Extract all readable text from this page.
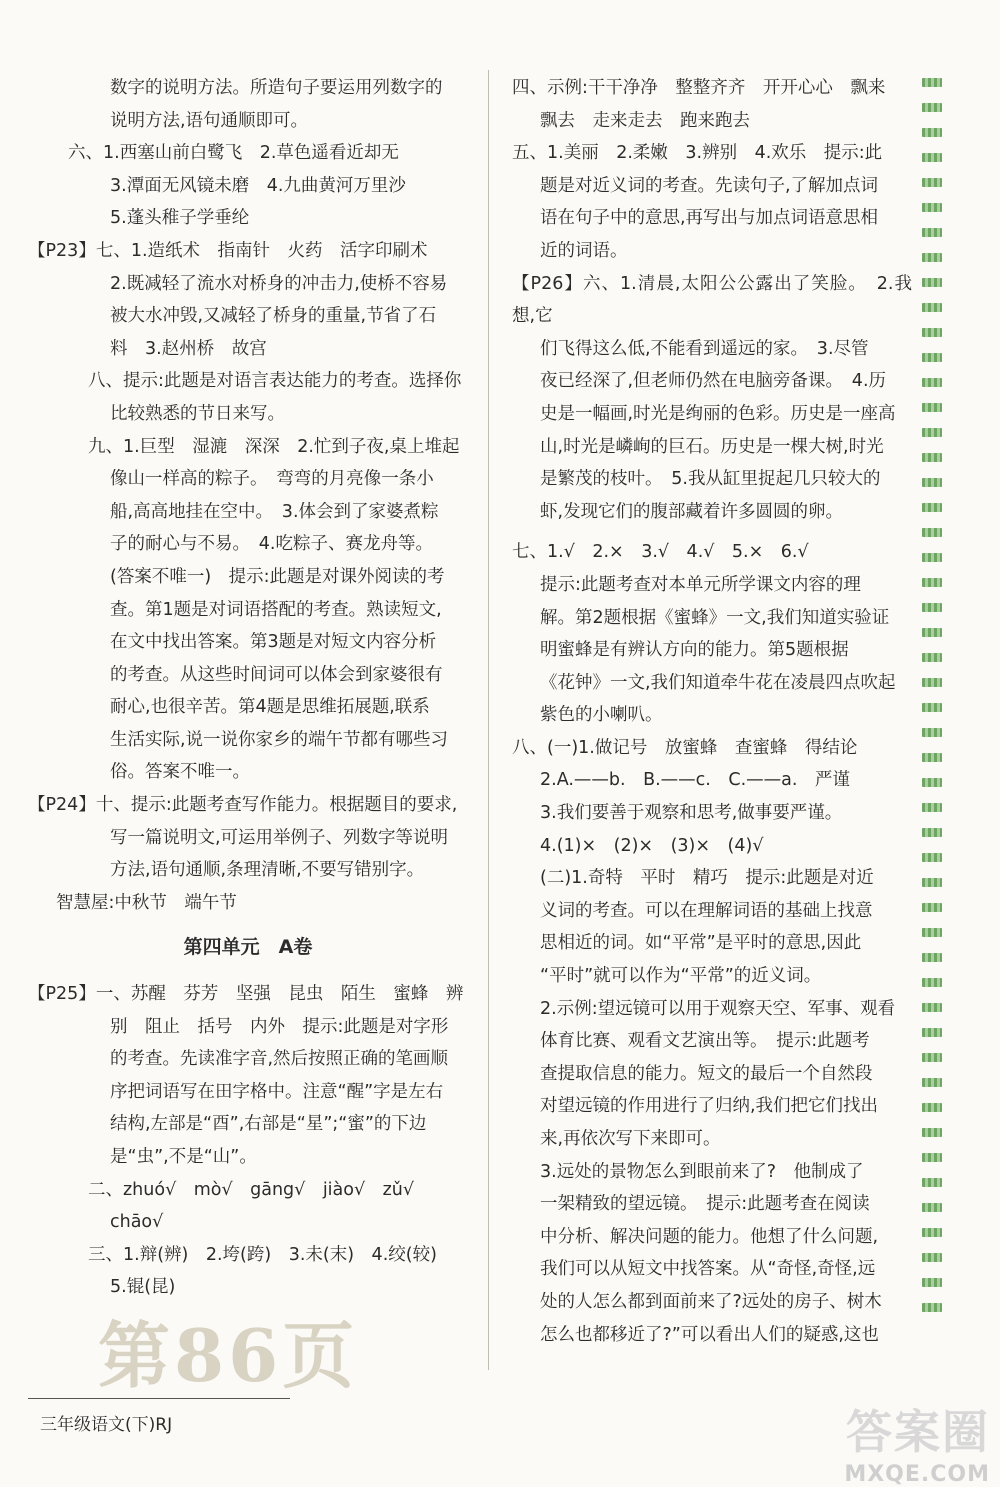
数字的说明方法。所造句子要运用列数字的

说明方法,语句通顺即可。

六、1.西塞山前白鹭飞　2.草色遥看近却无

3.潭面无风镜未磨　4.九曲黄河万里沙

5.蓬头稚子学垂纶

【P23】七、1.造纸术　指南针　火药　活字印刷术

2.既减轻了流水对桥身的冲击力,使桥不容易

被大水冲毁,又减轻了桥身的重量,节省了石

料　3.赵州桥　故宫

八、提示:此题是对语言表达能力的考查。选择你

比较熟悉的节日来写。

九、1.巨型　湿漉　深深　2.忙到子夜,桌上堆起

像山一样高的粽子。　弯弯的月亮像一条小

船,高高地挂在空中。　3.体会到了家婆煮粽

子的耐心与不易。　4.吃粽子、赛龙舟等。

(答案不唯一)　提示:此题是对课外阅读的考

查。第1题是对词语搭配的考查。熟读短文,

在文中找出答案。第3题是对短文内容分析

的考查。从这些时间词可以体会到家婆很有

耐心,也很辛苦。第4题是思维拓展题,联系

生活实际,说一说你家乡的端午节都有哪些习

俗。答案不唯一。

【P24】十、提示:此题考查写作能力。根据题目的要求,

写一篇说明文,可运用举例子、列数字等说明

方法,语句通顺,条理清晰,不要写错别字。

智慧屋:中秋节　端午节

第四单元　A卷

【P25】一、苏醒　芬芳　坚强　昆虫　陌生　蜜蜂　辨

别　阻止　括号　内外　提示:此题是对字形

的考查。先读准字音,然后按照正确的笔画顺

序把词语写在田字格中。注意“醒”字是左右

结构,左部是“酉”,右部是“星”;“蜜”的下边

是“虫”,不是“山”。

二、zhuó√　mò√　gāng√　jiào√　zǔ√

chāo√

三、1.辩(辨)　2.垮(跨)　3.未(末)　4.绞(较)

5.锟(昆)

四、示例:干干净净　整整齐齐　开开心心　飘来

飘去　走来走去　跑来跑去

五、1.美丽　2.柔嫩　3.辨别　4.欢乐　提示:此

题是对近义词的考查。先读句子,了解加点词

语在句子中的意思,再写出与加点词语意思相

近的词语。

【P26】六、1.清晨,太阳公公露出了笑脸。　2.我想,它

们飞得这么低,不能看到遥远的家。　3.尽管

夜已经深了,但老师仍然在电脑旁备课。　4.历

史是一幅画,时光是绚丽的色彩。历史是一座高

山,时光是嶙峋的巨石。历史是一棵大树,时光

是繁茂的枝叶。　5.我从缸里捉起几只较大的

虾,发现它们的腹部藏着许多圆圆的卵。

七、1.√　2.×　3.√　4.√　5.×　6.√

提示:此题考查对本单元所学课文内容的理

解。第2题根据《蜜蜂》一文,我们知道实验证

明蜜蜂是有辨认方向的能力。第5题根据

《花钟》一文,我们知道牵牛花在凌晨四点吹起

紫色的小喇叭。

八、(一)1.做记号　放蜜蜂　查蜜蜂　得结论

2.A.——b.　B.——c.　C.——a.　严谨

3.我们要善于观察和思考,做事要严谨。

4.(1)×　(2)×　(3)×　(4)√

(二)1.奇特　平时　精巧　提示:此题是对近

义词的考查。可以在理解词语的基础上找意

思相近的词。如“平常”是平时的意思,因此

“平时”就可以作为“平常”的近义词。

2.示例:望远镜可以用于观察天空、军事、观看

体育比赛、观看文艺演出等。　提示:此题考

查提取信息的能力。短文的最后一个自然段

对望远镜的作用进行了归纳,我们把它们找出

来,再依次写下来即可。

3.远处的景物怎么到眼前来了?　他制成了

一架精致的望远镜。　提示:此题考查在阅读

中分析、解决问题的能力。他想了什么问题,

我们可以从短文中找答案。从“奇怪,奇怪,远

处的人怎么都到面前来了?远处的房子、树木

怎么也都移近了?”可以看出人们的疑惑,这也

第86页
三年级语文(下)RJ	答案圈
MXQE.COM
